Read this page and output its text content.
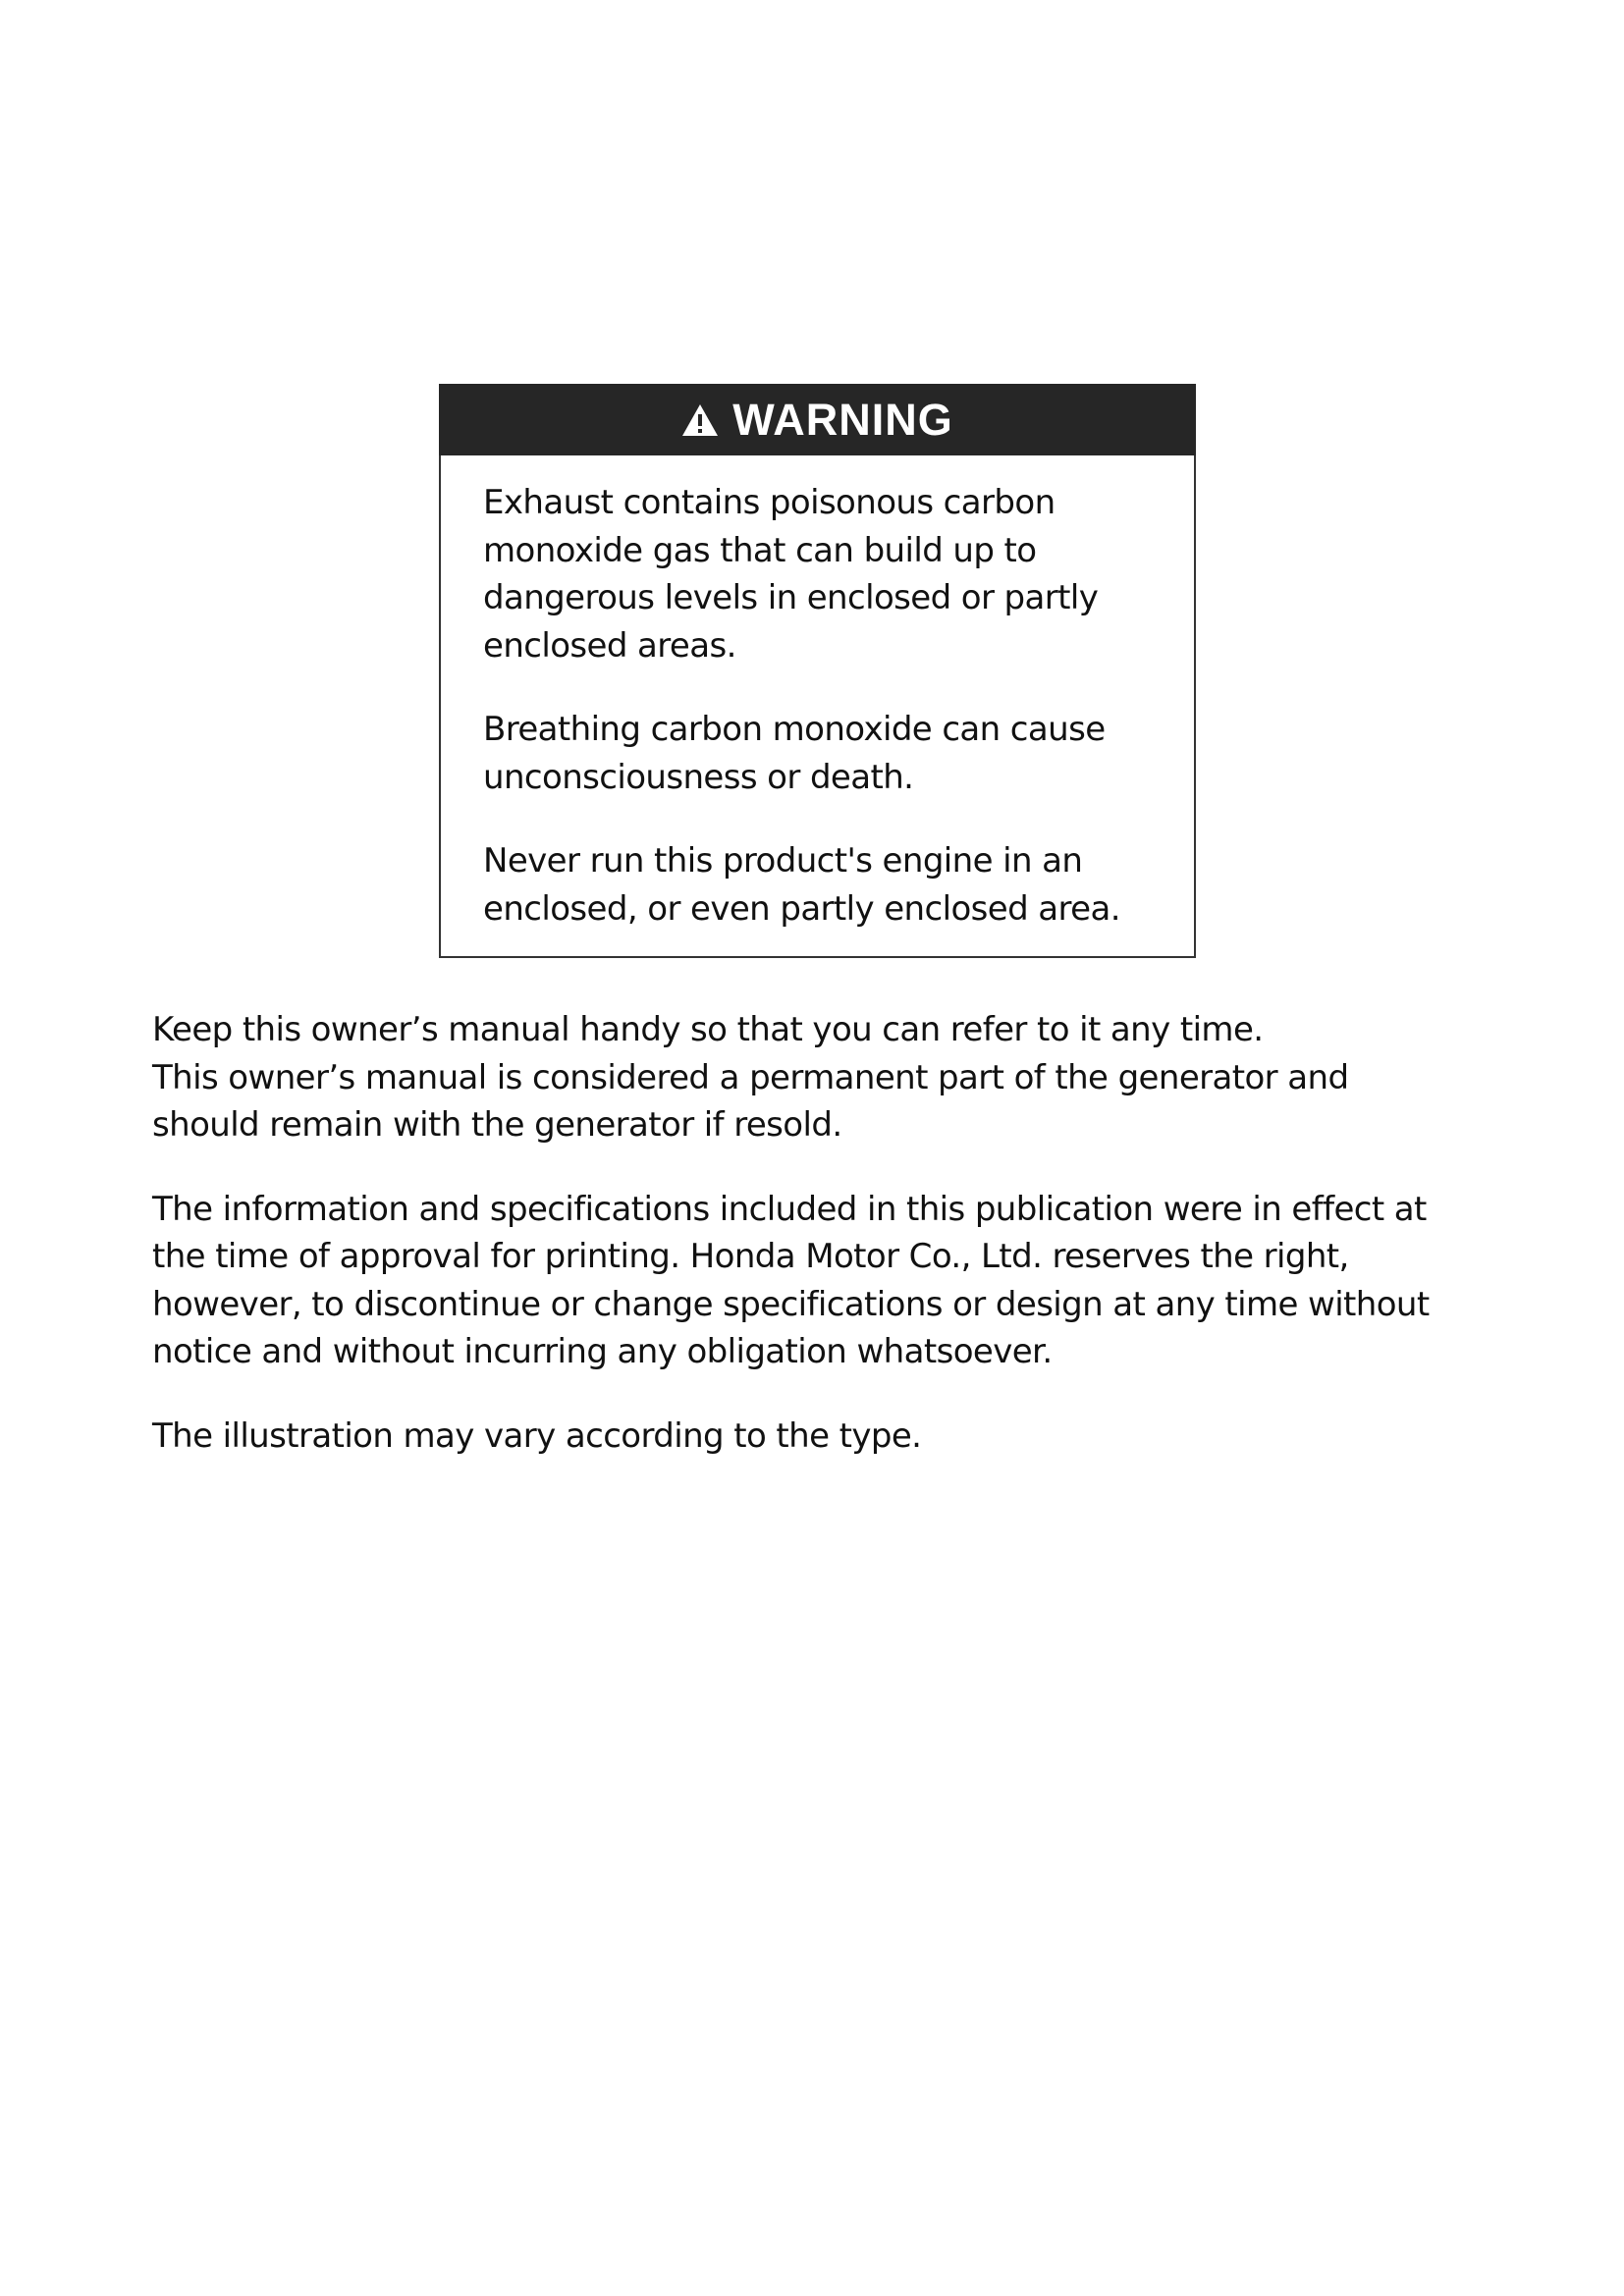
WARNING

Exhaust contains poisonous carbon
monoxide gas that can build up to
dangerous levels in enclosed or partly
enclosed areas.

Breathing carbon monoxide can cause
unconsciousness or death.

Never run this product's engine in an
enclosed, or even partly enclosed area.

Keep this owner’s manual handy so that you can refer to it any time.
This owner’s manual is considered a permanent part of the generator and
should remain with the generator if resold.

The information and specifications included in this publication were in effect at
the time of approval for printing. Honda Motor Co., Ltd. reserves the right,
however, to discontinue or change specifications or design at any time without
notice and without incurring any obligation whatsoever.

The illustration may vary according to the type.
